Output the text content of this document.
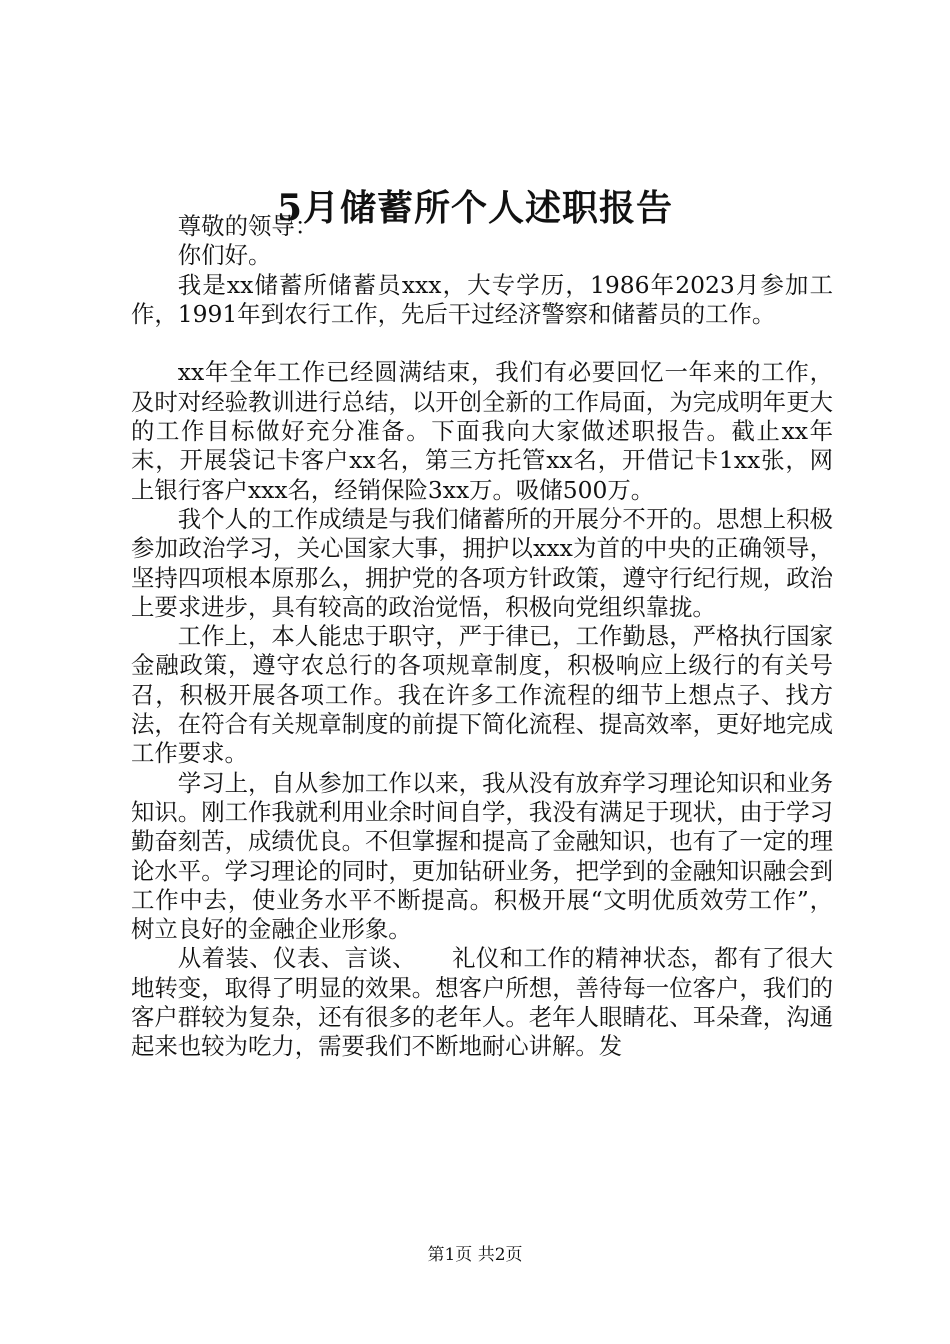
5月储蓄所个人述职报告

尊敬的领导：

你们好。

我是xx储蓄所储蓄员xxx，大专学历，1986年2023月参加工作，1991年到农行工作，先后干过经济警察和储蓄员的工作。

xx年全年工作已经圆满结束，我们有必要回忆一年来的工作，及时对经验教训进行总结，以开创全新的工作局面，为完成明年更大的工作目标做好充分准备。下面我向大家做述职报告。截止xx年末，开展袋记卡客户xx名，第三方托管xx名，开借记卡1xx张，网上银行客户xxx名，经销保险3xx万。吸储500万。

我个人的工作成绩是与我们储蓄所的开展分不开的。思想上积极参加政治学习，关心国家大事，拥护以xxx为首的中央的正确领导，坚持四项根本原那么，拥护党的各项方针政策，遵守行纪行规，政治上要求进步，具有较高的政治觉悟，积极向党组织靠拢。

工作上，本人能忠于职守，严于律已，工作勤恳，严格执行国家金融政策，遵守农总行的各项规章制度，积极响应上级行的有关号召，积极开展各项工作。我在许多工作流程的细节上想点子、找方法，在符合有关规章制度的前提下简化流程、提高效率，更好地完成工作要求。

学习上，自从参加工作以来，我从没有放弃学习理论知识和业务知识。刚工作我就利用业余时间自学，我没有满足于现状，由于学习勤奋刻苦，成绩优良。不但掌握和提高了金融知识，也有了一定的理论水平。学习理论的同时，更加钻研业务，把学到的金融知识融会到工作中去，使业务水平不断提高。积极开展“文明优质效劳工作”，树立良好的金融企业形象。

从着装、仪表、言谈、　　礼仪和工作的精神状态，都有了很大地转变，取得了明显的效果。想客户所想，善待每一位客户，我们的客户群较为复杂，还有很多的老年人。老年人眼睛花、耳朵聋，沟通起来也较为吃力，需要我们不断地耐心讲解。发

第1页 共2页
